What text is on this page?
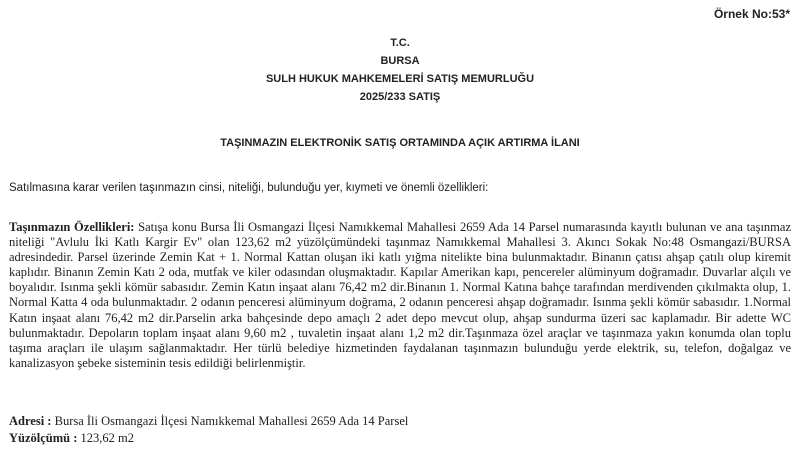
Örnek No:53*
T.C.
BURSA
SULH HUKUK MAHKEMELERİ SATIŞ MEMURLUĞU
2025/233 SATIŞ
TAŞINMAZIN ELEKTRONİK SATIŞ ORTAMINDA AÇIK ARTIRMA İLANI
Satılmasına karar verilen taşınmazın cinsi, niteliği, bulunduğu yer, kıymeti ve önemli özellikleri:
Taşınmazın Özellikleri: Satışa konu Bursa İli Osmangazi İlçesi Namıkkemal Mahallesi 2659 Ada 14 Parsel numarasında kayıtlı bulunan ve ana taşınmaz niteliği "Avlulu İki Katlı Kargir Ev" olan 123,62 m2 yüzölçümündeki taşınmaz Namıkkemal Mahallesi 3. Akıncı Sokak No:48 Osmangazi/BURSA adresindedir. Parsel üzerinde Zemin Kat + 1. Normal Kattan oluşan iki katlı yığma nitelikte bina bulunmaktadır. Binanın çatısı ahşap çatılı olup kiremit kaplıdır. Binanın Zemin Katı 2 oda, mutfak ve kiler odasından oluşmaktadır. Kapılar Amerikan kapı, pencereler alüminyum doğramadır. Duvarlar alçılı ve boyalıdır. Isınma şekli kömür sabasıdır. Zemin Katın inşaat alanı 76,42 m2 dir.Binanın 1. Normal Katına bahçe tarafından merdivenden çıkılmakta olup, 1. Normal Katta 4 oda bulunmaktadır. 2 odanın penceresi alüminyum doğrama, 2 odanın penceresi ahşap doğramadır. Isınma şekli kömür sabasıdır. 1.Normal Katın inşaat alanı 76,42 m2 dir.Parselin arka bahçesinde depo amaçlı 2 adet depo mevcut olup, ahşap sundurma üzeri sac kaplamadır. Bir adette WC bulunmaktadır. Depoların toplam inşaat alanı 9,60 m2 , tuvaletin inşaat alanı 1,2 m2 dir.Taşınmaza özel araçlar ve taşınmaza yakın konumda olan toplu taşıma araçları ile ulaşım sağlanmaktadır. Her türlü belediye hizmetinden faydalanan taşınmazın bulunduğu yerde elektrik, su, telefon, doğalgaz ve kanalizasyon şebeke sisteminin tesis edildiği belirlenmiştir.
Adresi : Bursa İli Osmangazi İlçesi Namıkkemal Mahallesi 2659 Ada 14 Parsel
Yüzölçümü : 123,62 m2
